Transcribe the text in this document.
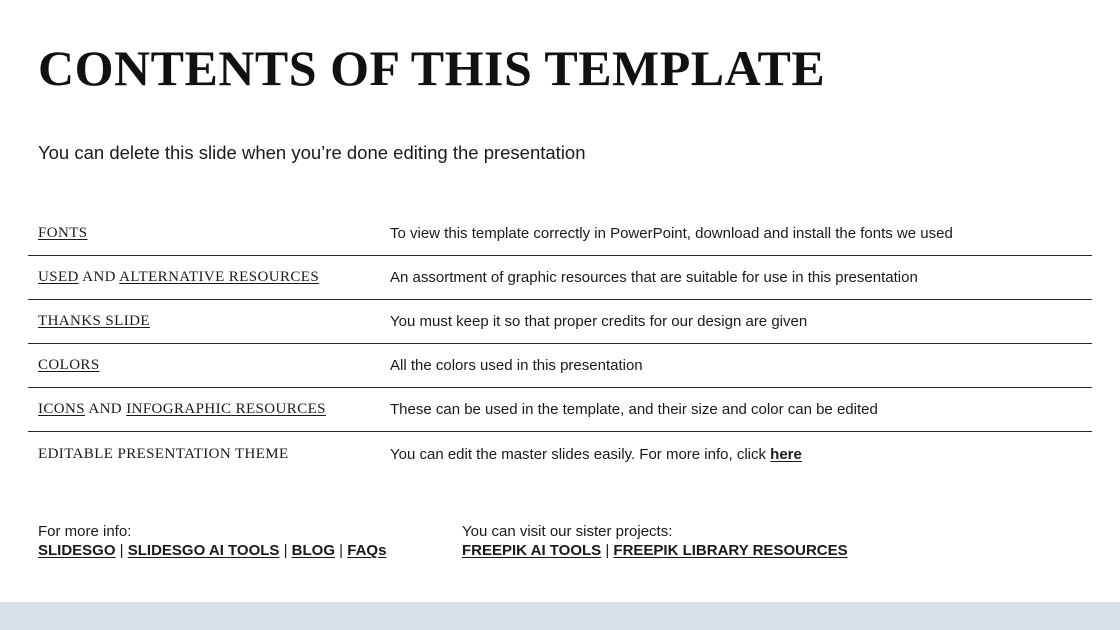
CONTENTS OF THIS TEMPLATE
You can delete this slide when you’re done editing the presentation
FONTS	To view this template correctly in PowerPoint, download and install the fonts we used
USED AND ALTERNATIVE RESOURCES	An assortment of graphic resources that are suitable for use in this presentation
THANKS SLIDE	You must keep it so that proper credits for our design are given
COLORS	All the colors used in this presentation
ICONS AND INFOGRAPHIC RESOURCES	These can be used in the template, and their size and color can be edited
EDITABLE PRESENTATION THEME	You can edit the master slides easily. For more info, click here
For more info:
SLIDESGO | SLIDESGO AI TOOLS | BLOG | FAQs
You can visit our sister projects:
FREEPIK AI TOOLS | FREEPIK LIBRARY RESOURCES
